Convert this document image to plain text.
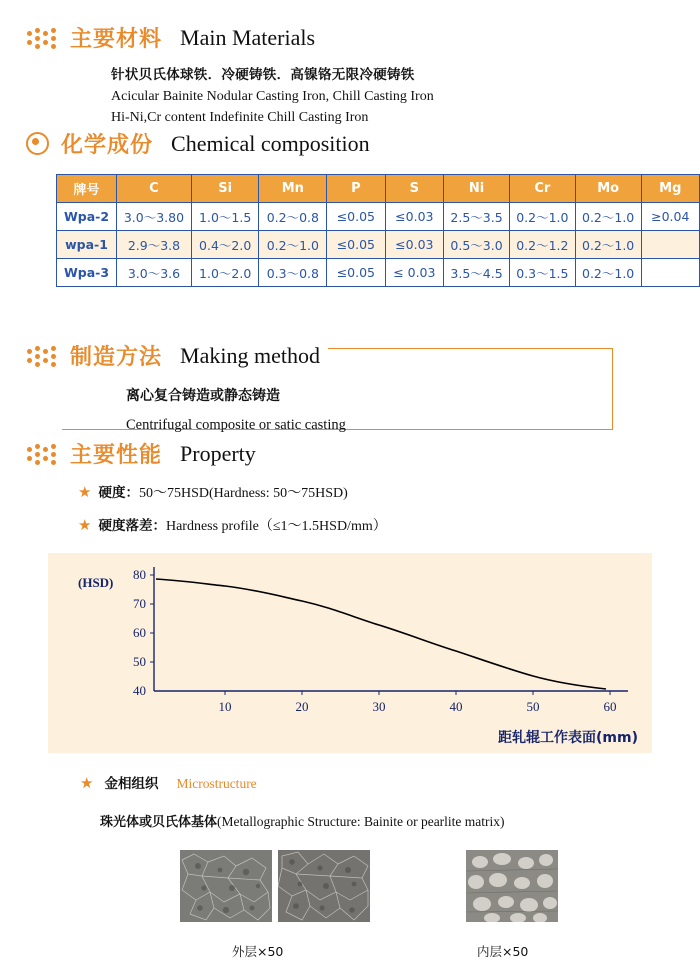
主要材料 Main Materials
针状贝氏体球铁．冷硬铸铁．高镍铬无限冷硬铸铁
Acicular Bainite Nodular Casting Iron, Chill Casting Iron
Hi-Ni,Cr content Indefinite Chill Casting Iron
化学成份 Chemical composition
牌号	C	Si	Mn	P	S	Ni	Cr	Mo	Mg
Wpa-2	3.0～3.80	1.0～1.5	0.2～0.8	≤0.05	≤0.03	2.5～3.5	0.2～1.0	0.2～1.0	≥0.04
wpa-1	2.9～3.8	0.4～2.0	0.2～1.0	≤0.05	≤0.03	0.5～3.0	0.2～1.2	0.2～1.0	
Wpa-3	3.0～3.6	1.0～2.0	0.3～0.8	≤0.05	≤ 0.03	3.5～4.5	0.3～1.5	0.2～1.0	
制造方法 Making method
离心复合铸造或静态铸造
Centrifugal composite or satic casting
主要性能 Property
★ 硬度：50～75HSD(Hardness: 50～75HSD)
★ 硬度落差：Hardness profile（≤1～1.5HSD/mm）
80
70
60
50
40
10	20	30	40	50	60
(HSD)
距轧辊工作表面(mm)
★ 金相组织 Microstructure
珠光体或贝氏体基体(Metallographic Structure: Bainite or pearlite matrix)
外层×50	内层×50
